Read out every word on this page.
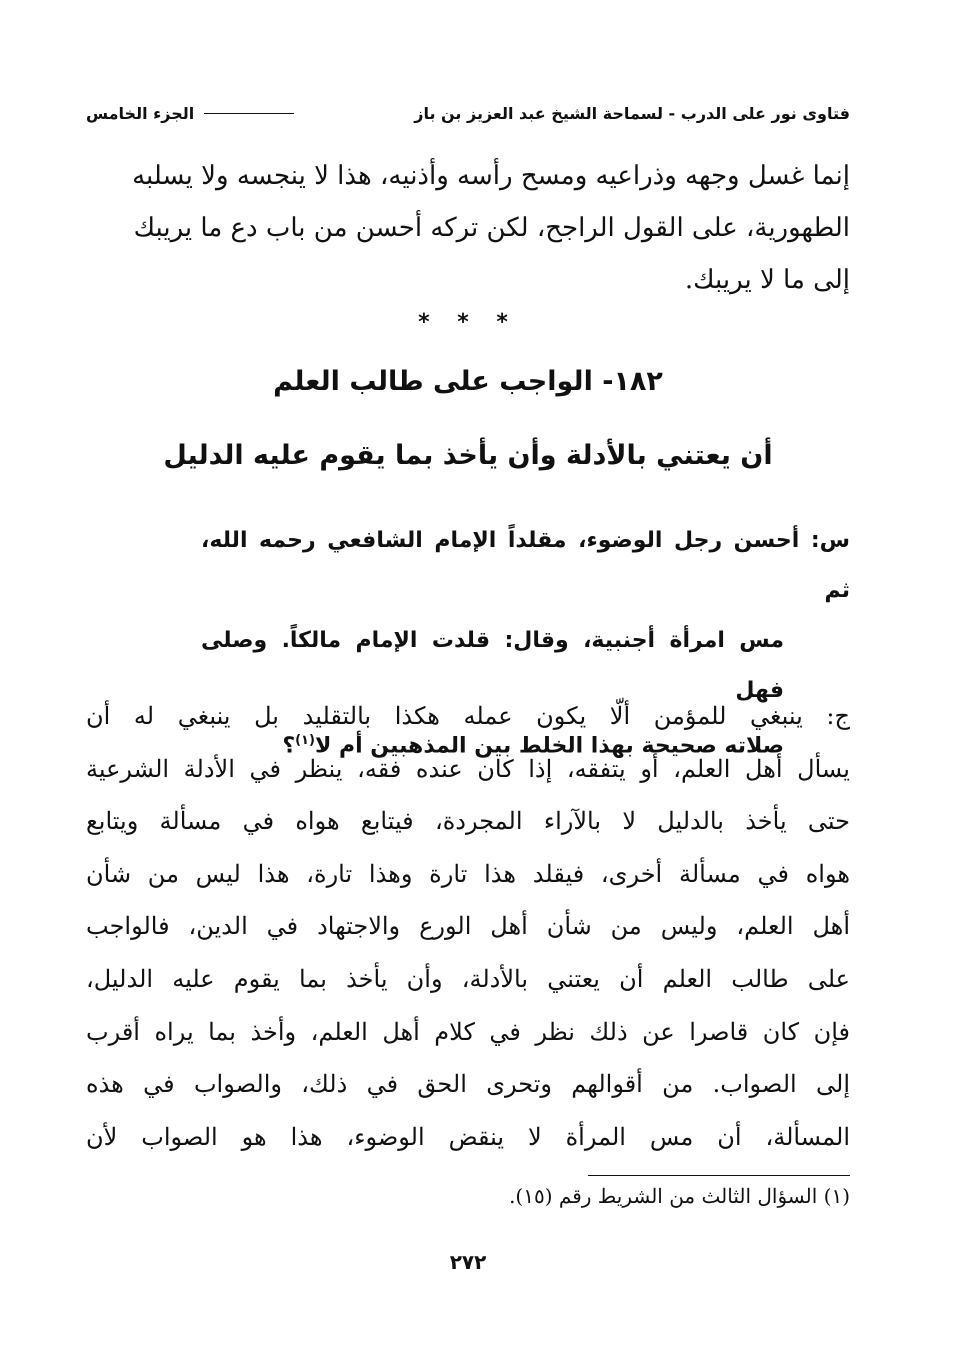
فتاوى نور على الدرب - لسماحة الشيخ عبد العزيز بن باز
الجزء الخامس
إنما غسل وجهه وذراعيه ومسح رأسه وأذنيه، هذا لا ينجسه ولا يسلبه
الطهورية، على القول الراجح، لكن تركه أحسن من باب دع ما يريبك
إلى ما لا يريبك.
* * *
١٨٢- الواجب على طالب العلم
أن يعتني بالأدلة وأن يأخذ بما يقوم عليه الدليل
س: أحسن رجل الوضوء، مقلداً الإمام الشافعي رحمه الله، ثم
مس امرأة أجنبية، وقال: قلدت الإمام مالكاً. وصلى فهل
صلاته صحيحة بهذا الخلط بين المذهبين أم لا$^{(١)}$؟
ج: ينبغي للمؤمن ألّا يكون عمله هكذا بالتقليد بل ينبغي له أن
يسأل أهل العلم، أو يتفقه، إذا كان عنده فقه، ينظر في الأدلة الشرعية
حتى يأخذ بالدليل لا بالآراء المجردة، فيتابع هواه في مسألة ويتابع
هواه في مسألة أخرى، فيقلد هذا تارة وهذا تارة، هذا ليس من شأن
أهل العلم، وليس من شأن أهل الورع والاجتهاد في الدين، فالواجب
على طالب العلم أن يعتني بالأدلة، وأن يأخذ بما يقوم عليه الدليل،
فإن كان قاصرا عن ذلك نظر في كلام أهل العلم، وأخذ بما يراه أقرب
إلى الصواب. من أقوالهم وتحرى الحق في ذلك، والصواب في هذه
المسألة، أن مس المرأة لا ينقض الوضوء، هذا هو الصواب لأن
(١) السؤال الثالث من الشريط رقم (١٥).
٢٧٢
